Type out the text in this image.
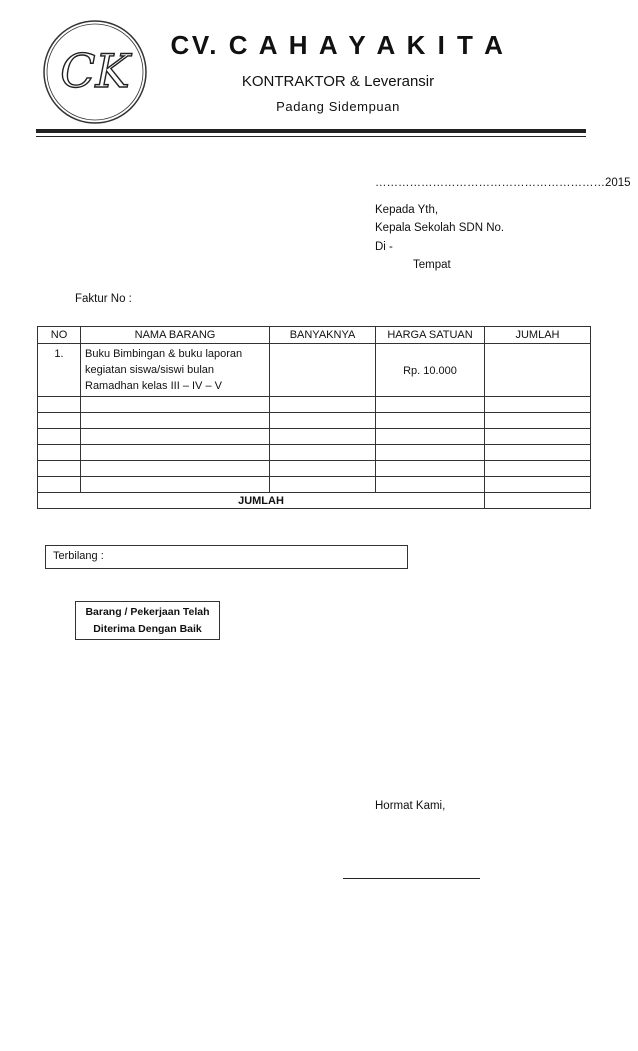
CK	CV. C A H A Y A K I T A
KONTRAKTOR & Leveransir
Padang Sidempuan
……………………………………………………2015
Kepada Yth,
Kepala Sekolah SDN No.
Di -
Tempat
Faktur No :
NO	NAMA BARANG	BANYAKNYA	HARGA SATUAN	JUMLAH
1.	Buku Bimbingan & buku laporan kegiatan siswa/siswi bulan Ramadhan kelas III – IV – V		Rp. 10.000	

JUMLAH				
Terbilang :
Barang / Pekerjaan Telah
Diterima Dengan Baik
Hormat Kami,
